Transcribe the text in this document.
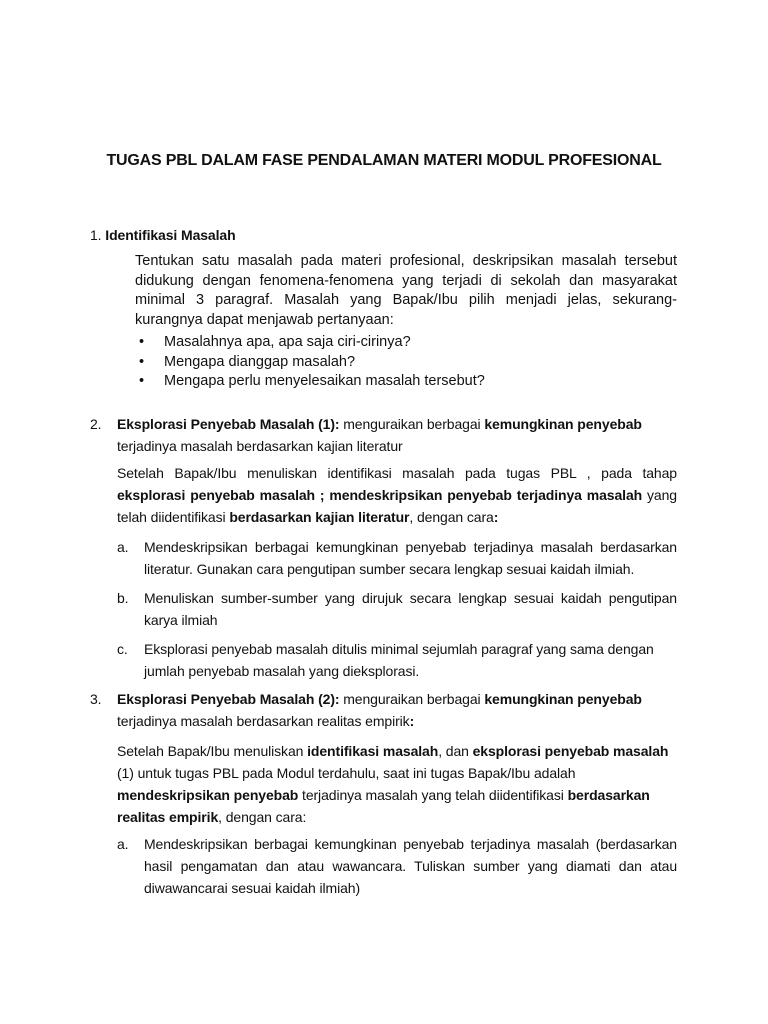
TUGAS PBL DALAM FASE PENDALAMAN MATERI MODUL PROFESIONAL
1. Identifikasi Masalah

Tentukan satu masalah pada materi profesional, deskripsikan masalah tersebut didukung dengan fenomena-fenomena yang terjadi di sekolah dan masyarakat minimal 3 paragraf. Masalah yang Bapak/Ibu pilih menjadi jelas, sekurang-kurangnya dapat menjawab pertanyaan:

• Masalahnya apa, apa saja ciri-cirinya?
• Mengapa dianggap masalah?
• Mengapa perlu menyelesaikan masalah tersebut?
2. Eksplorasi Penyebab Masalah (1): menguraikan berbagai kemungkinan penyebab
terjadinya masalah berdasarkan kajian literatur

Setelah Bapak/Ibu menuliskan identifikasi masalah pada tugas PBL , pada tahap eksplorasi penyebab masalah ; mendeskripsikan penyebab terjadinya masalah yang telah diidentifikasi berdasarkan kajian literatur, dengan cara:

a. Mendeskripsikan berbagai kemungkinan penyebab terjadinya masalah berdasarkan literatur. Gunakan cara pengutipan sumber secara lengkap sesuai kaidah ilmiah.

b. Menuliskan sumber-sumber yang dirujuk secara lengkap sesuai kaidah pengutipan karya ilmiah

c. Eksplorasi penyebab masalah ditulis minimal sejumlah paragraf yang sama dengan jumlah penyebab masalah yang dieksplorasi.

3. Eksplorasi Penyebab Masalah (2): menguraikan berbagai kemungkinan penyebab
terjadinya masalah berdasarkan realitas empirik:

Setelah Bapak/Ibu menuliskan identifikasi masalah, dan eksplorasi penyebab masalah (1) untuk tugas PBL pada Modul terdahulu, saat ini tugas Bapak/Ibu adalah mendeskripsikan penyebab terjadinya masalah yang telah diidentifikasi berdasarkan realitas empirik, dengan cara:

a. Mendeskripsikan berbagai kemungkinan penyebab terjadinya masalah (berdasarkan hasil pengamatan dan atau wawancara. Tuliskan sumber yang diamati dan atau diwawancarai sesuai kaidah ilmiah)
